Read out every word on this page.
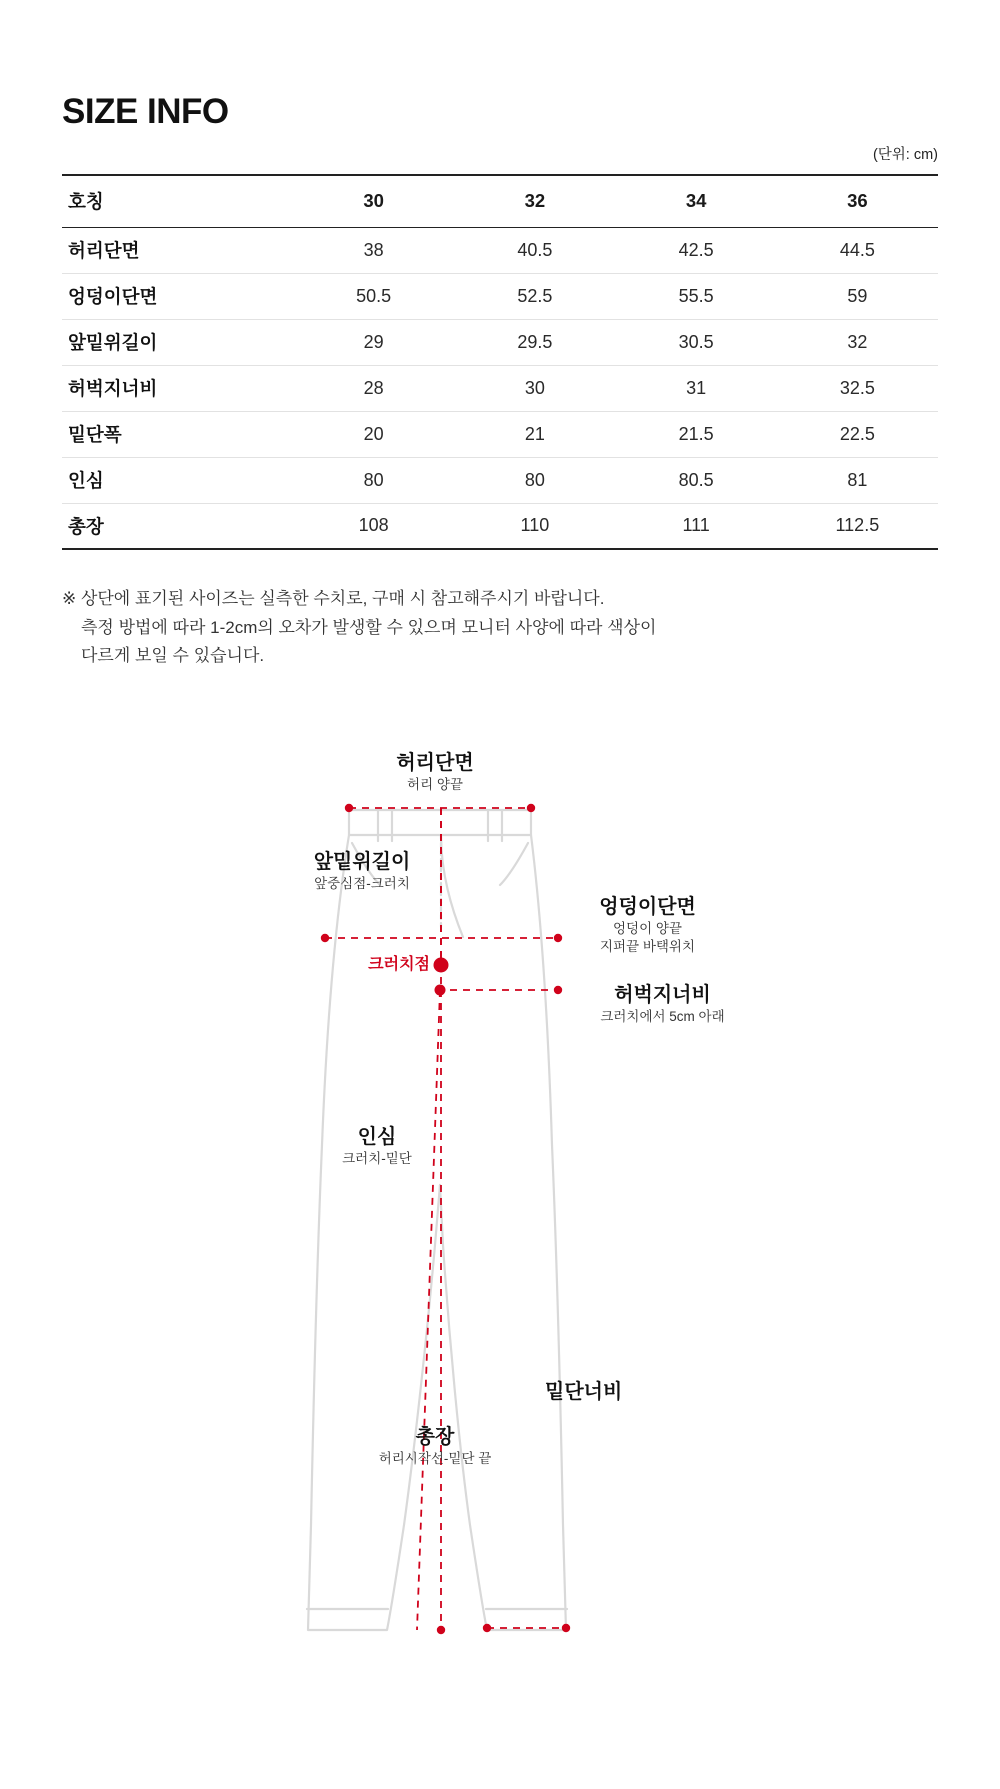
SIZE INFO
(단위: cm)
호칭	30	32	34	36
허리단면	38	40.5	42.5	44.5
엉덩이단면	50.5	52.5	55.5	59
앞밑위길이	29	29.5	30.5	32
허벅지너비	28	30	31	32.5
밑단폭	20	21	21.5	22.5
인심	80	80	80.5	81
총장	108	110	111	112.5
※ 상단에 표기된 사이즈는 실측한 수치로, 구매 시 참고해주시기 바랍니다.
측정 방법에 따라 1-2cm의 오차가 발생할 수 있으며 모니터 사양에 따라 색상이
다르게 보일 수 있습니다.
허리단면
허리 양끝
앞밑위길이
앞중심점-크러치
엉덩이단면
엉덩이 양끝
지퍼끝 바택위치
크러치점
허벅지너비
크러치에서 5cm 아래
인심
크러치-밑단
밑단너비
총장
허리시작선-밑단 끝
